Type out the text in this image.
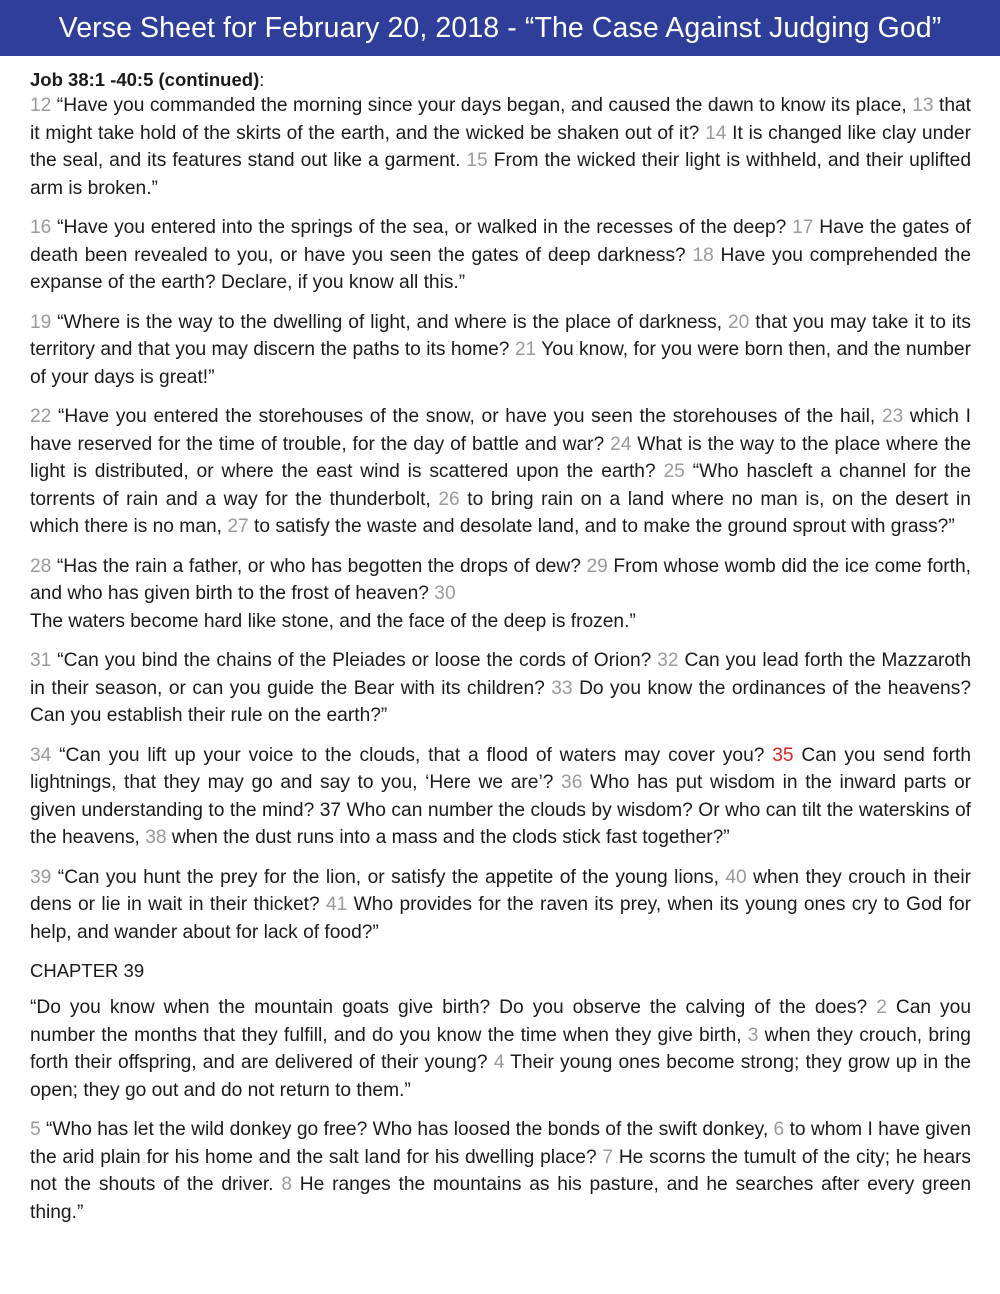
Verse Sheet for February 20, 2018 - “The Case Against Judging God”
Job 38:1 -40:5 (continued):

12 “Have you commanded the morning since your days began, and caused the dawn to know its place, 13 that it might take hold of the skirts of the earth, and the wicked be shaken out of it? 14 It is changed like clay under the seal, and its features stand out like a garment. 15 From the wicked their light is withheld, and their uplifted arm is broken.”

16 “Have you entered into the springs of the sea, or walked in the recesses of the deep? 17 Have the gates of death been revealed to you, or have you seen the gates of deep darkness? 18 Have you comprehended the expanse of the earth? Declare, if you know all this.”

19 “Where is the way to the dwelling of light, and where is the place of darkness, 20 that you may take it to its territory and that you may discern the paths to its home? 21 You know, for you were born then, and the number of your days is great!”

22 “Have you entered the storehouses of the snow, or have you seen the storehouses of the hail, 23 which I have reserved for the time of trouble, for the day of battle and war? 24 What is the way to the place where the light is distributed, or where the east wind is scattered upon the earth? 25 “Who hascleft a channel for the torrents of rain and a way for the thunderbolt, 26 to bring rain on a land where no man is, on the desert in which there is no man, 27 to satisfy the waste and desolate land, and to make the ground sprout with grass?”

28 “Has the rain a father, or who has begotten the drops of dew? 29 From whose womb did the ice come forth, and who has given birth to the frost of heaven? 30
The waters become hard like stone, and the face of the deep is frozen.”

31 “Can you bind the chains of the Pleiades or loose the cords of Orion? 32 Can you lead forth the Mazzaroth in their season, or can you guide the Bear with its children? 33 Do you know the ordinances of the heavens? Can you establish their rule on the earth?”

34 “Can you lift up your voice to the clouds, that a flood of waters may cover you? 35 Can you send forth lightnings, that they may go and say to you, ‘Here we are’? 36 Who has put wisdom in the inward parts or given understanding to the mind? 37 Who can number the clouds by wisdom? Or who can tilt the waterskins of the heavens, 38 when the dust runs into a mass and the clods stick fast together?”

39 “Can you hunt the prey for the lion, or satisfy the appetite of the young lions, 40 when they crouch in their dens or lie in wait in their thicket? 41 Who provides for the raven its prey, when its young ones cry to God for help, and wander about for lack of food?”

CHAPTER 39

“Do you know when the mountain goats give birth? Do you observe the calving of the does? 2 Can you number the months that they fulfill, and do you know the time when they give birth, 3 when they crouch, bring forth their offspring, and are delivered of their young? 4 Their young ones become strong; they grow up in the open; they go out and do not return to them.”

5 “Who has let the wild donkey go free? Who has loosed the bonds of the swift donkey, 6 to whom I have given the arid plain for his home and the salt land for his dwelling place? 7 He scorns the tumult of the city; he hears not the shouts of the driver. 8 He ranges the mountains as his pasture, and he searches after every green thing.”
